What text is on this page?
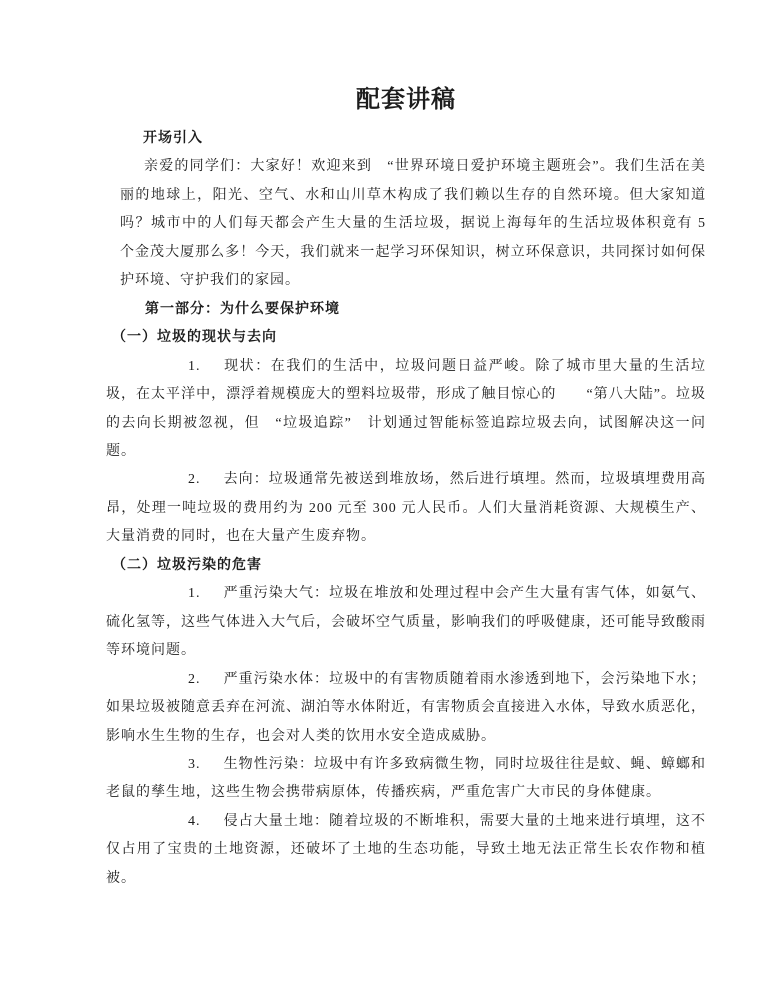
配套讲稿

开场引入

亲爱的同学们：大家好！欢迎来到　“世界环境日爱护环境主题班会”。我们生活在美丽的地球上，阳光、空气、水和山川草木构成了我们赖以生存的自然环境。但大家知道吗？城市中的人们每天都会产生大量的生活垃圾，据说上海每年的生活垃圾体积竟有 5 个金茂大厦那么多！今天，我们就来一起学习环保知识，树立环保意识，共同探讨如何保护环境、守护我们的家园。

第一部分：为什么要保护环境

（一）垃圾的现状与去向

1. 现状：在我们的生活中，垃圾问题日益严峻。除了城市里大量的生活垃圾，在太平洋中，漂浮着规模庞大的塑料垃圾带，形成了触目惊心的　　“第八大陆”。垃圾的去向长期被忽视，但　“垃圾追踪”　计划通过智能标签追踪垃圾去向，试图解决这一问题。

2. 去向：垃圾通常先被送到堆放场，然后进行填埋。然而，垃圾填埋费用高昂，处理一吨垃圾的费用约为 200 元至 300 元人民币。人们大量消耗资源、大规模生产、大量消费的同时，也在大量产生废弃物。

（二）垃圾污染的危害

1. 严重污染大气：垃圾在堆放和处理过程中会产生大量有害气体，如氨气、硫化氢等，这些气体进入大气后，会破坏空气质量，影响我们的呼吸健康，还可能导致酸雨等环境问题。

2. 严重污染水体：垃圾中的有害物质随着雨水渗透到地下，会污染地下水；如果垃圾被随意丢弃在河流、湖泊等水体附近，有害物质会直接进入水体，导致水质恶化，影响水生生物的生存，也会对人类的饮用水安全造成威胁。

3. 生物性污染：垃圾中有许多致病微生物，同时垃圾往往是蚊、蝇、蟑螂和老鼠的孳生地，这些生物会携带病原体，传播疾病，严重危害广大市民的身体健康。

4. 侵占大量土地：随着垃圾的不断堆积，需要大量的土地来进行填埋，这不仅占用了宝贵的土地资源，还破坏了土地的生态功能，导致土地无法正常生长农作物和植被。
